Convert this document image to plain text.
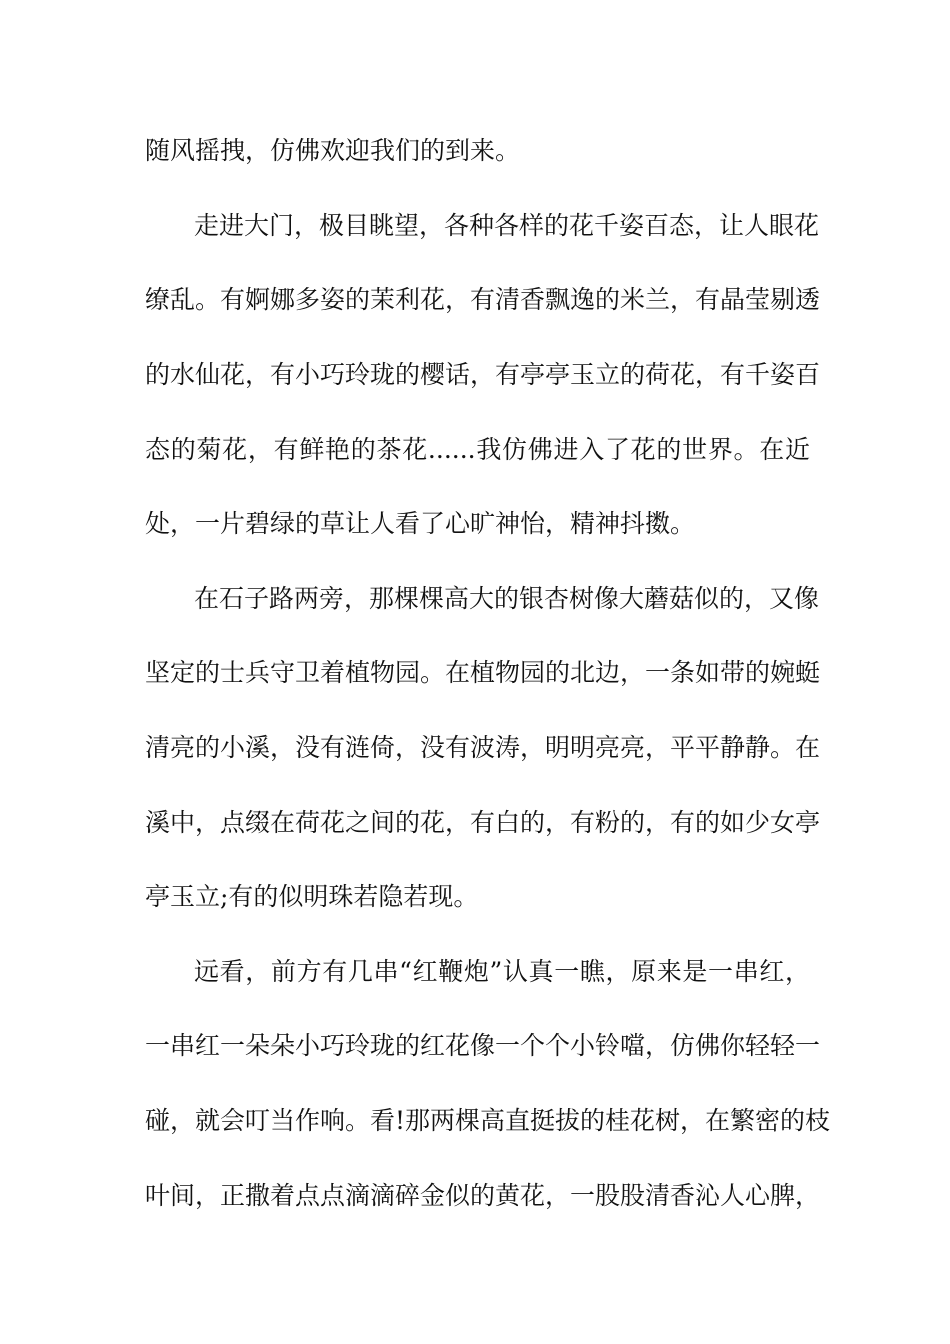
随风摇拽，仿佛欢迎我们的到来。
走进大门，极目眺望，各种各样的花千姿百态，让人眼花
缭乱。有婀娜多姿的茉利花，有清香飘逸的米兰，有晶莹剔透
的水仙花，有小巧玲珑的樱话，有亭亭玉立的荷花，有千姿百
态的菊花，有鲜艳的茶花......我仿佛进入了花的世界。在近
处，一片碧绿的草让人看了心旷神怡，精神抖擞。
在石子路两旁，那棵棵高大的银杏树像大蘑菇似的，又像
坚定的士兵守卫着植物园。在植物园的北边，一条如带的婉蜓
清亮的小溪，没有涟倚，没有波涛，明明亮亮，平平静静。在
溪中，点缀在荷花之间的花，有白的，有粉的，有的如少女亭
亭玉立;有的似明珠若隐若现。
远看，前方有几串“红鞭炮”认真一瞧，原来是一串红，
一串红一朵朵小巧玲珑的红花像一个个小铃噹，仿佛你轻轻一
碰，就会叮当作响。看!那两棵高直挺拔的桂花树，在繁密的枝
叶间，正撒着点点滴滴碎金似的黄花，一股股清香沁人心脾，
